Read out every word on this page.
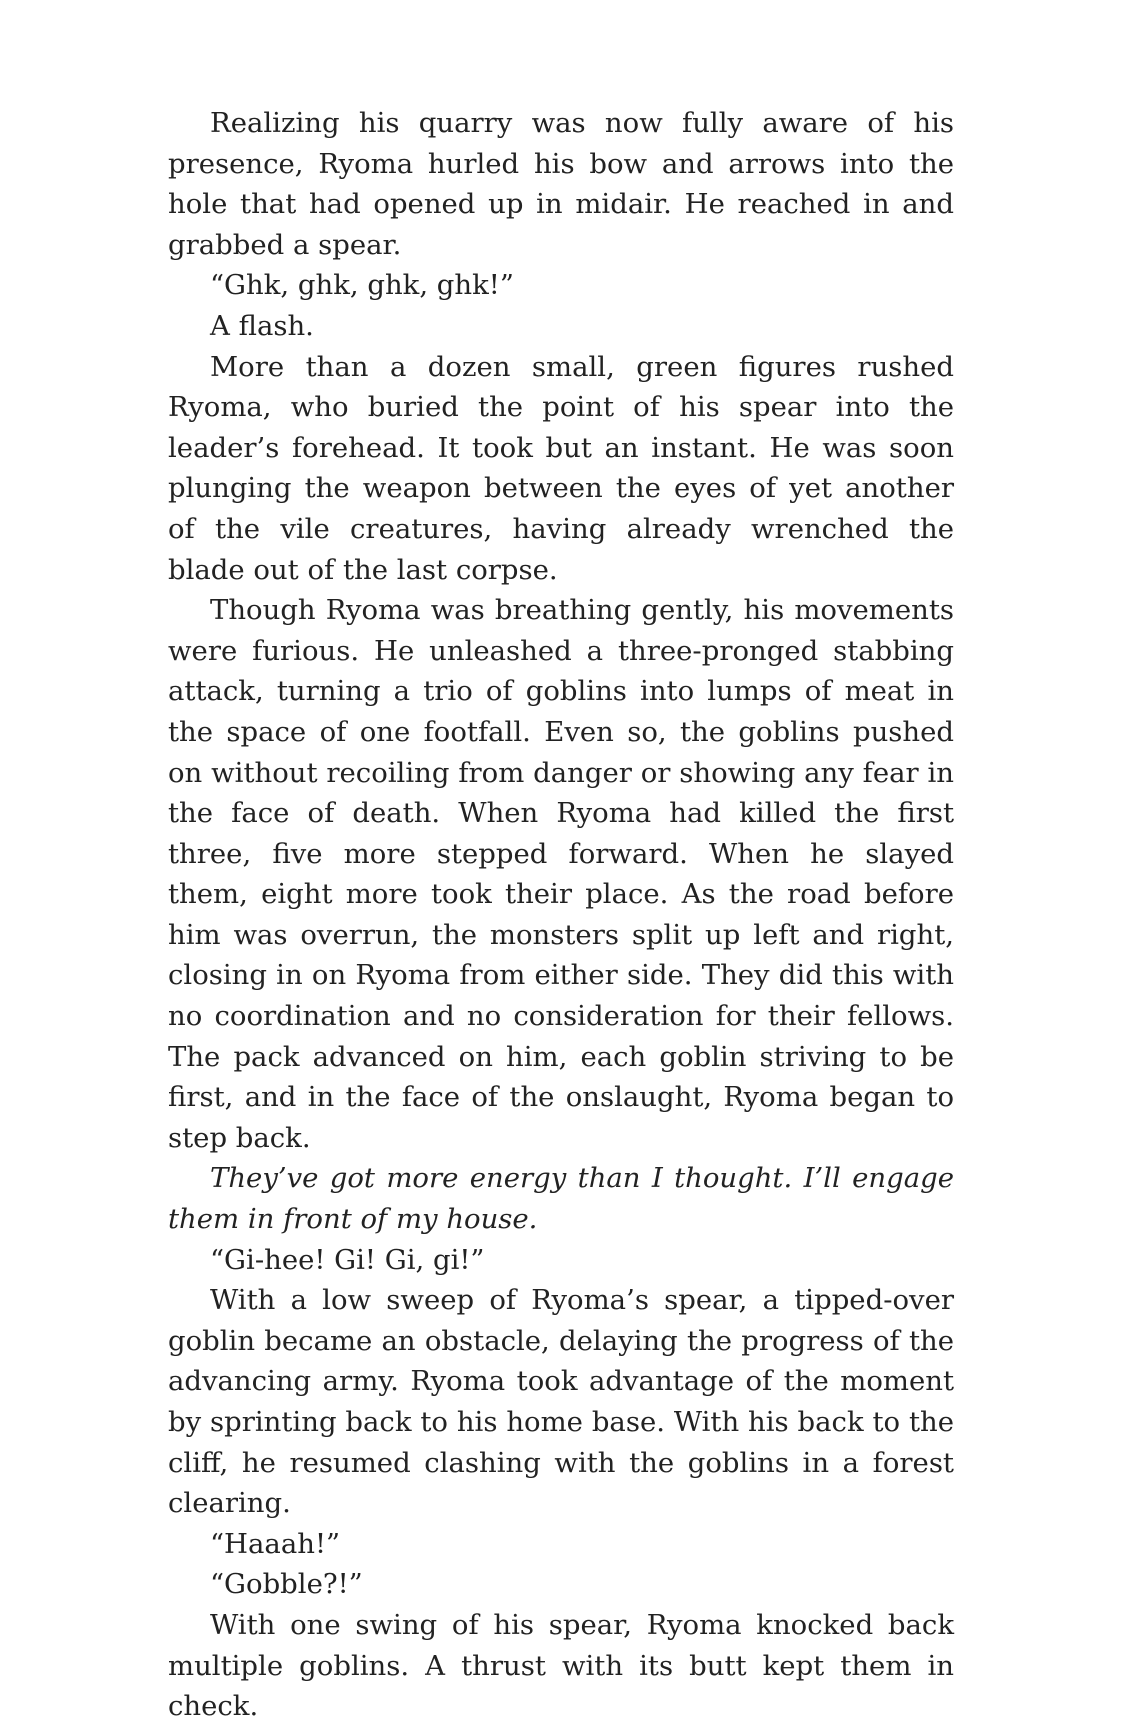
Realizing his quarry was now fully aware of his presence, Ryoma hurled his bow and arrows into the hole that had opened up in midair. He reached in and grabbed a spear.

“Ghk, ghk, ghk, ghk!”

A flash.

More than a dozen small, green figures rushed Ryoma, who buried the point of his spear into the leader’s forehead. It took but an instant. He was soon plunging the weapon between the eyes of yet another of the vile creatures, having already wrenched the blade out of the last corpse.

Though Ryoma was breathing gently, his movements were furious. He unleashed a three-pronged stabbing attack, turning a trio of goblins into lumps of meat in the space of one footfall. Even so, the goblins pushed on without recoiling from danger or showing any fear in the face of death. When Ryoma had killed the first three, five more stepped forward. When he slayed them, eight more took their place. As the road before him was overrun, the monsters split up left and right, closing in on Ryoma from either side. They did this with no coordination and no consideration for their fellows. The pack advanced on him, each goblin striving to be first, and in the face of the onslaught, Ryoma began to step back.

They’ve got more energy than I thought. I’ll engage them in front of my house.

“Gi-hee! Gi! Gi, gi!”

With a low sweep of Ryoma’s spear, a tipped-over goblin became an obstacle, delaying the progress of the advancing army. Ryoma took advantage of the moment by sprinting back to his home base. With his back to the cliff, he resumed clashing with the goblins in a forest clearing.

“Haaah!”

“Gobble?!”

With one swing of his spear, Ryoma knocked back multiple goblins. A thrust with its butt kept them in check.
